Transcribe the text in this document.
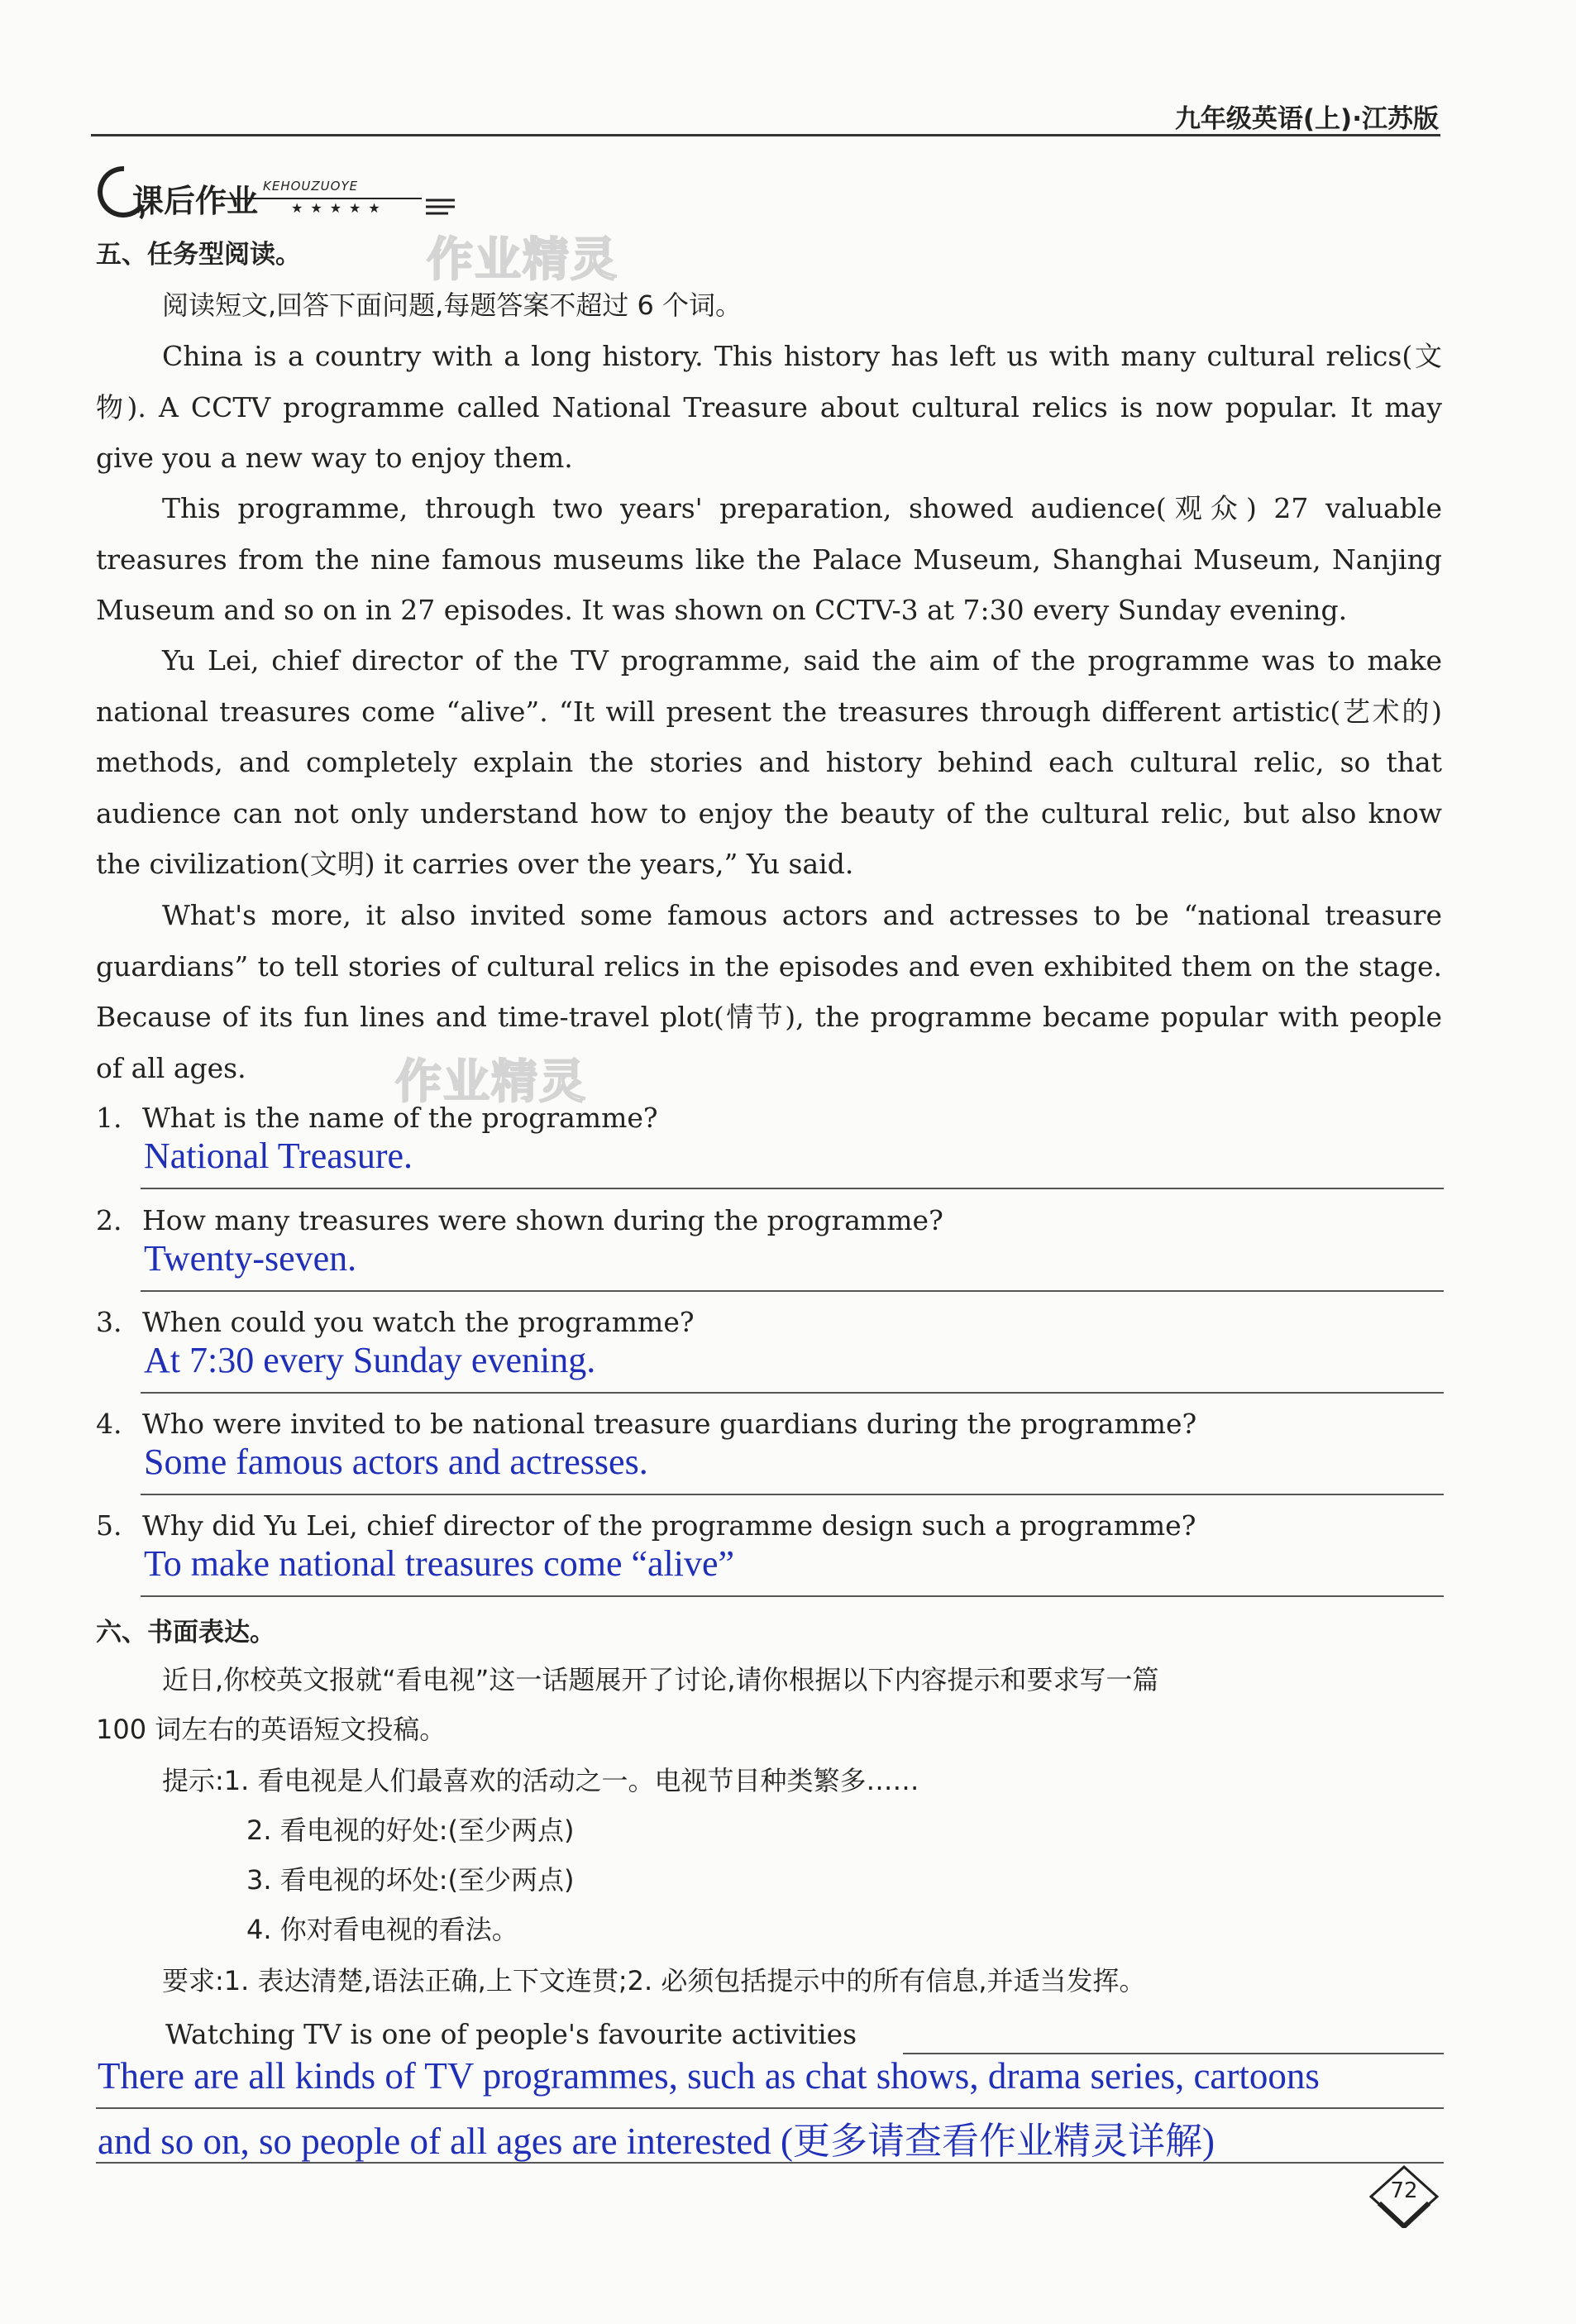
九年级英语(上)·江苏版
课后作业 KEHOUZUOYE
★★★★★
作业精灵
作业精灵
五、任务型阅读。
阅读短文,回答下面问题,每题答案不超过 6 个词。
China is a country with a long history. This history has left us with many cultural relics(文物). A CCTV programme called National Treasure about cultural relics is now popular. It may give you a new way to enjoy them.
This programme, through two years' preparation, showed audience(观众) 27 valuable treasures from the nine famous museums like the Palace Museum, Shanghai Museum, Nanjing Museum and so on in 27 episodes. It was shown on CCTV-3 at 7:30 every Sunday evening.
Yu Lei, chief director of the TV programme, said the aim of the programme was to make national treasures come “alive”. “It will present the treasures through different artistic(艺术的) methods, and completely explain the stories and history behind each cultural relic, so that audience can not only understand how to enjoy the beauty of the cultural relic, but also know the civilization(文明) it carries over the years,” Yu said.
What's more, it also invited some famous actors and actresses to be “national treasure guardians” to tell stories of cultural relics in the episodes and even exhibited them on the stage. Because of its fun lines and time-travel plot(情节), the programme became popular with people of all ages.
1. What is the name of the programme?
National Treasure.
2. How many treasures were shown during the programme?
Twenty-seven.
3. When could you watch the programme?
At 7:30 every Sunday evening.
4. Who were invited to be national treasure guardians during the programme?
Some famous actors and actresses.
5. Why did Yu Lei, chief director of the programme design such a programme?
To make national treasures come “alive”
六、书面表达。
近日,你校英文报就“看电视”这一话题展开了讨论,请你根据以下内容提示和要求写一篇
100 词左右的英语短文投稿。
提示:1. 看电视是人们最喜欢的活动之一。电视节目种类繁多……
2. 看电视的好处:(至少两点)
3. 看电视的坏处:(至少两点)
4. 你对看电视的看法。
要求:1. 表达清楚,语法正确,上下文连贯;2. 必须包括提示中的所有信息,并适当发挥。
Watching TV is one of people's favourite activities
There are all kinds of TV programmes, such as chat shows, drama series, cartoons
and so on, so people of all ages are interested (更多请查看作业精灵详解)
72
